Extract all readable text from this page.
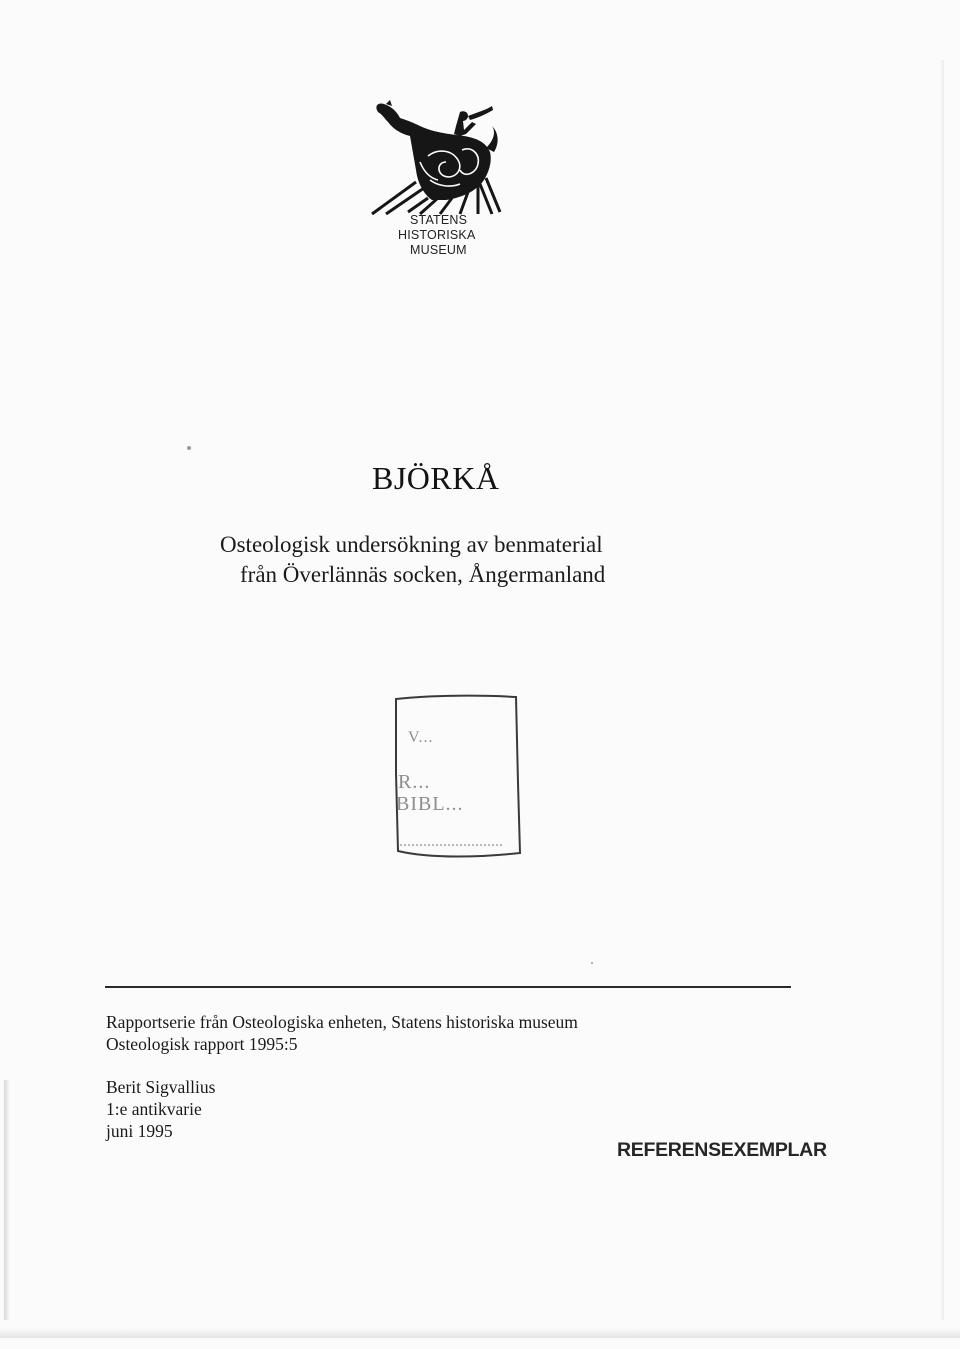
STATENS
HISTORISKA
MUSEUM
BJÖRKÅ
Osteologisk undersökning av benmaterial
från Överlännäs socken, Ångermanland
V...
R...
BIBL...
Rapportserie från Osteologiska enheten, Statens historiska museum
Osteologisk rapport 1995:5
Berit Sigvallius
1:e antikvarie
juni 1995
REFERENSEXEMPLAR
